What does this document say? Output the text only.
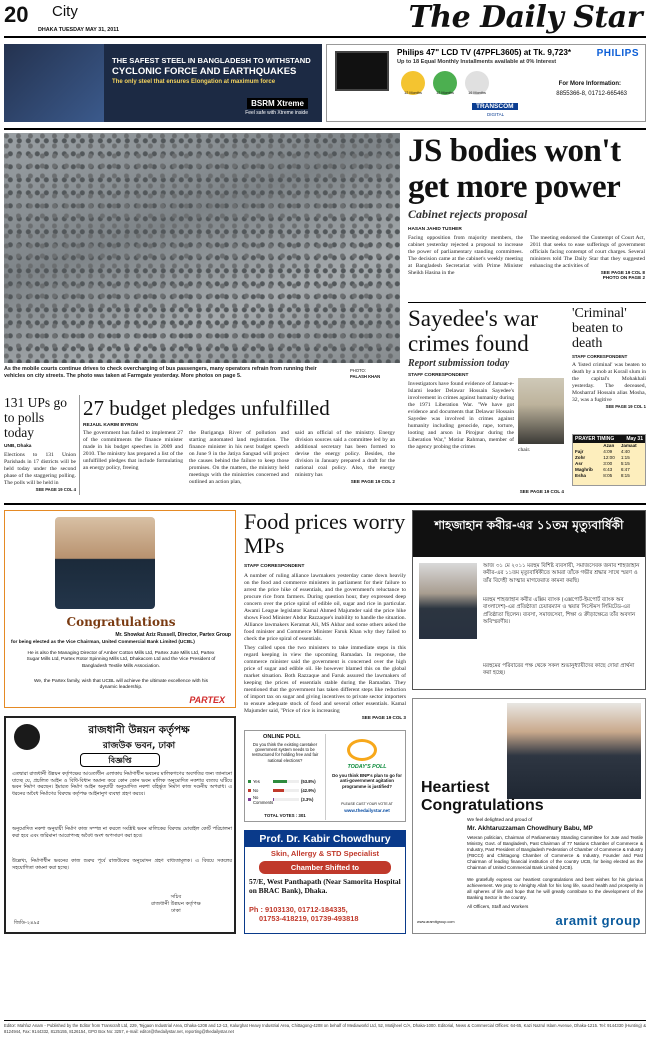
20 City
DHAKA TUESDAY MAY 31, 2011	The Daily Star
THE SAFEST STEEL IN BANGLADESH TO WITHSTAND
CYCLONIC FORCE AND EARTHQUAKES
The only steel that ensures Elongation at maximum force
BSRM Xtreme
Feel safe with Xtreme inside
Philips 47" LCD TV (47PFL3605) at Tk. 9,723*	PHILIPS
Up to 18 Equal Monthly Installments available at 0% Interest
12 Months	12 Months	16 Months
For More Information:
8855366-8, 01712-665463
TRANSCOM
DIGITAL
As the mobile courts continue drives to check overcharging of bus passengers, many operators refrain from running their vehicles on city streets. The photo was taken at Farmgate yesterday. More photos on page 5.
PHOTO:
PALASH KHAN
JS bodies won't get more power
Cabinet rejects proposal
HASAN JAHID TUSHER
Facing opposition from majority members, the cabinet yesterday rejected a proposal to increase the power of parliamentary standing committees. The decision came at the cabinet's weekly meeting at Bangladesh Secretariat with Prime Minister Sheikh Hasina in the
The meeting endorsed the Contempt of Court Act, 2011 that seeks to ease sufferings of government officials facing contempt of court charges. Several ministers told The Daily Star that they suggested enhancing the activities of
SEE PAGE 19 COL 8
PHOTO ON PAGE 2
Sayedee's war crimes found
Report submission today
STAFF CORRESPONDENT
Investigators have found evidence of Jamaat-e-Islami leader Delawar Hossain Sayedee's involvement in crimes against humanity during the 1971 Liberation War. "We have got evidence and documents that Delawar Hossain Sayedee was involved in crimes against humanity including genocide, rape, torture, looting and arson in Pirojpur during the Liberation War," Motiur Rahman, member of the agency probing the crimes	chair.
SEE PAGE 19 COL 4
'Criminal' beaten to death
STAFF CORRESPONDENT
A 'listed criminal' was beaten to death by a mob at Korail slum in the capital's Mohakhali yesterday. The deceased, Mosharraf Hossain alias Mosha, 32, was a fugitive
SEE PAGE 19 COL 1
PRAYER TIMING May 31
	Azan	Jamaat
Fajr	4:09	4:40
Zohr	12:00	1:15
Asr	3:00	5:15
Maghrib	6:43	6:47
Esha	8:05	8:15
131 UPs go to polls today
UNB, Dhaka
Elections to 131 Union Parishads in 17 districts will be held today under the second phase of the staggering polling. The polls will be held in
SEE PAGE 19 COL 4
27 budget pledges unfulfilled
REJAUL KARIM BYRON
The government has failed to implement 27 of the commitments the finance minister made in his budget speeches in 2009 and 2010. The ministry has prepared a list of the unfulfilled pledges that include formulating an energy policy, freeing
the Buriganga River of pollution and starting automated land registration. The finance minister in his next budget speech on June 9 in the Jatiya Sangsad will project the causes behind the failure to keep those promises. On the matters, the ministry held meetings with the ministries concerned and outlined an action plan,
said an official of the ministry. Energy division sources said a committee led by an additional secretary has been formed to devise the energy policy. Besides, the division in January prepared a draft for the national coal policy. Also, the energy ministry has
SEE PAGE 19 COL 2
Congratulations
Mr. Showkat Aziz Russell, Director, Partex Group
for being elected as the Vice Chairman, United Commercial Bank Limited (UCBL)
He is also the Managing Director of Amber Cotton Mills Ltd, Partex Jute Mills Ltd, Partex Sugar Mills Ltd, Partex Rotor Spinning Mills Ltd, Dhakacom Ltd and the Vice President of Bangladesh Textile Mills Association.
We, the Partex family, wish that UCBL will achieve the ultimate excellence with his dynamic leadership.
PARTEX
Food prices worry MPs
STAFF CORRESPONDENT
A number of ruling alliance lawmakers yesterday came down heavily on the food and commerce ministers in parliament for their failure to arrest the price hike of essentials, and the government's reluctance to procure rice from farmers. During question hour, they expressed deep concern over the price spiral of edible oil, sugar and rice in particular. Awami League legislator Kamal Ahmed Majumder said the price hike shows Food Minister Abdur Razzaque's inability to handle the situation. Alliance lawmakers Keramat Ali, MS Akbar and some others asked the food minister and Commerce Minister Faruk Khan why they failed to check the price spiral of essentials.
They called upon the two ministers to take immediate steps in this regard keeping in view the upcoming Ramadan. In response, the commerce minister said the government is concerned over the high price of sugar and edible oil. He however blamed this on the global market situation. Both Razzaque and Faruk assured the lawmakers of keeping the prices of essentials stable during the Ramadan. They mentioned that the government has taken different steps like reduction of import tax on sugar and giving incentives to private sector importers to ensure adequate stock of food and several other essentials. Kamal Majumder said, "Price of rice is increasing
SEE PAGE 19 COL 3
ONLINE POLL
Do you think the existing caretaker government system needs to be restructured for holding free and fair national elections?
Yes	(53.8%)
No	(42.9%)
No Comments	(3.3%)
TOTAL VOTES : 301
TODAY'S POLL
Do you think BNP's plan to go for anti-government agitation programme is justified?
PLEASE CAST YOUR VOTE AT
www.thedailystar.net
শাহজাহান কবীর-এর ১১তম মৃত্যুবার্ষিকী
আজ ৩১ মে ২০১১ মরহুম বিশিষ্ট ব্যবসায়ী, সমাজসেবক জনাব শাহজাহান কবীর-এর ১১তম মৃত্যুবার্ষিকীতে আমরা তাঁকে গভীর শ্রদ্ধার সাথে স্মরণ ও তাঁর বিদেহী আত্মার মাগফেরাত কামনা করছি।
মরহুম শাহজাহান কবীর এক্সিম ব্যাংক (এক্সপোর্ট-ইমপোর্ট ব্যাংক অব বাংলাদেশ)-এর প্রতিষ্ঠাতা চেয়ারম্যান ও স্কয়ার সিস্টেমস লিমিটেড-এর প্রতিষ্ঠাতা ছিলেন। ব্যবসা, সমাজসেবা, শিক্ষা ও ক্রীড়াক্ষেত্রে তাঁর অবদান অবিস্মরণীয়।
মরহুমের পরিবারের পক্ষ থেকে সকল শুভানুধ্যায়ীদের কাছে দোয়া প্রার্থনা করা হচ্ছে।
রাজধানী উন্নয়ন কর্তৃপক্ষ
রাজউক ভবন, ঢাকা
বিজ্ঞপ্তি
এতদ্বারা রাজধানী উন্নয়ন কর্তৃপক্ষের আওতাধীন এলাকায় নির্মাণাধীন ভবনের মালিকগণের অবগতির জন্য জানানো যাচ্ছে যে, প্রচলিত আইন ও বিধি-বিধান অমান্য করে কোন কোন ভবন মালিক অনুমোদিত নকশার ব্যত্যয় ঘটিয়ে ভবন নির্মাণ করছেন। ইমারত নির্মাণ আইন অনুযায়ী অনুমোদিত নকশা বহির্ভূত নির্মাণ কাজ দণ্ডনীয় অপরাধ। এ ধরনের অবৈধ নির্মাণের বিরুদ্ধে কর্তৃপক্ষ আইনানুগ ব্যবস্থা গ্রহণ করবে।
অনুমোদিত নকশা অনুযায়ী নির্মাণ কাজ সম্পন্ন না করলে সংশ্লিষ্ট ভবন মালিকের বিরুদ্ধে মোবাইল কোর্ট পরিচালনা করা হবে এবং জরিমানা আরোপসহ অবৈধ অংশ অপসারণ করা হবে।
উল্লেখ্য, নির্মাণাধীন ভবনের কাজ শুরুর পূর্বে রাজউকের অনুমোদন গ্রহণ বাধ্যতামূলক। এ বিষয়ে সকলের সহযোগিতা কামনা করা হচ্ছে।
সচিব
রাজধানী উন্নয়ন কর্তৃপক্ষ
ঢাকা
জিডি-২৪৯৫
Prof. Dr. Kabir Chowdhury
Skin, Allergy & STD Specialist
Chamber Shifted to
57/E, West Panthapath (Near Samorita Hospital on BRAC Bank), Dhaka.
Ph : 9103130, 01712-184335,
01753-418219, 01739-493818
Heartiest
Congratulations
We feel delighted and proud of
Mr. Akhtaruzzaman Chowdhury Babu, MP
Veteran politician, Chairman of Parliamentary Standing Committee for Jute and Textile Ministry, Govt. of Bangladesh, Past Chairman of 77 Nations Chamber of Commerce & Industry, Past President of Bangladesh Federation of Chamber of Commerce & Industry (FBCCI) and Chittagong Chamber of Commerce & Industry, Founder and Past Chairman of leading financial institution of the country UCB, for being elected as the Chairman of United Commercial Bank Limited (UCB).
We gratefully express our heartiest congratulations and best wishes for his glorious achievement. We pray to Almighty Allah for his long life, sound health and prosperity in all spheres of life and hope that he will greatly contribute to the development of the Banking Sector in the country.
All Officers, Staff and Workers
www.aramitgroup.com	aramit group
Editor: Mahfuz Anam - Published by the Editor from Transcraft Ltd, 229, Tejgaon Industrial Area, Dhaka-1208 and 12-13, Kalurghat Heavy Industrial Area, Chittagong-4208 on behalf of Mediaworld Ltd, 52, Motijheel C/A, Dhaka-1000. Editorial, News & Commercial Offices: 64-65, Kazi Nazrul Islam Avenue, Dhaka-1215. Tel: 9144330 (Hunting) & 8124944, Fax: 9144332, 8125155, 8126154, GPO Box No: 3257, e-mail: editor@thedailystar.net, reporting@thedailystar.net
